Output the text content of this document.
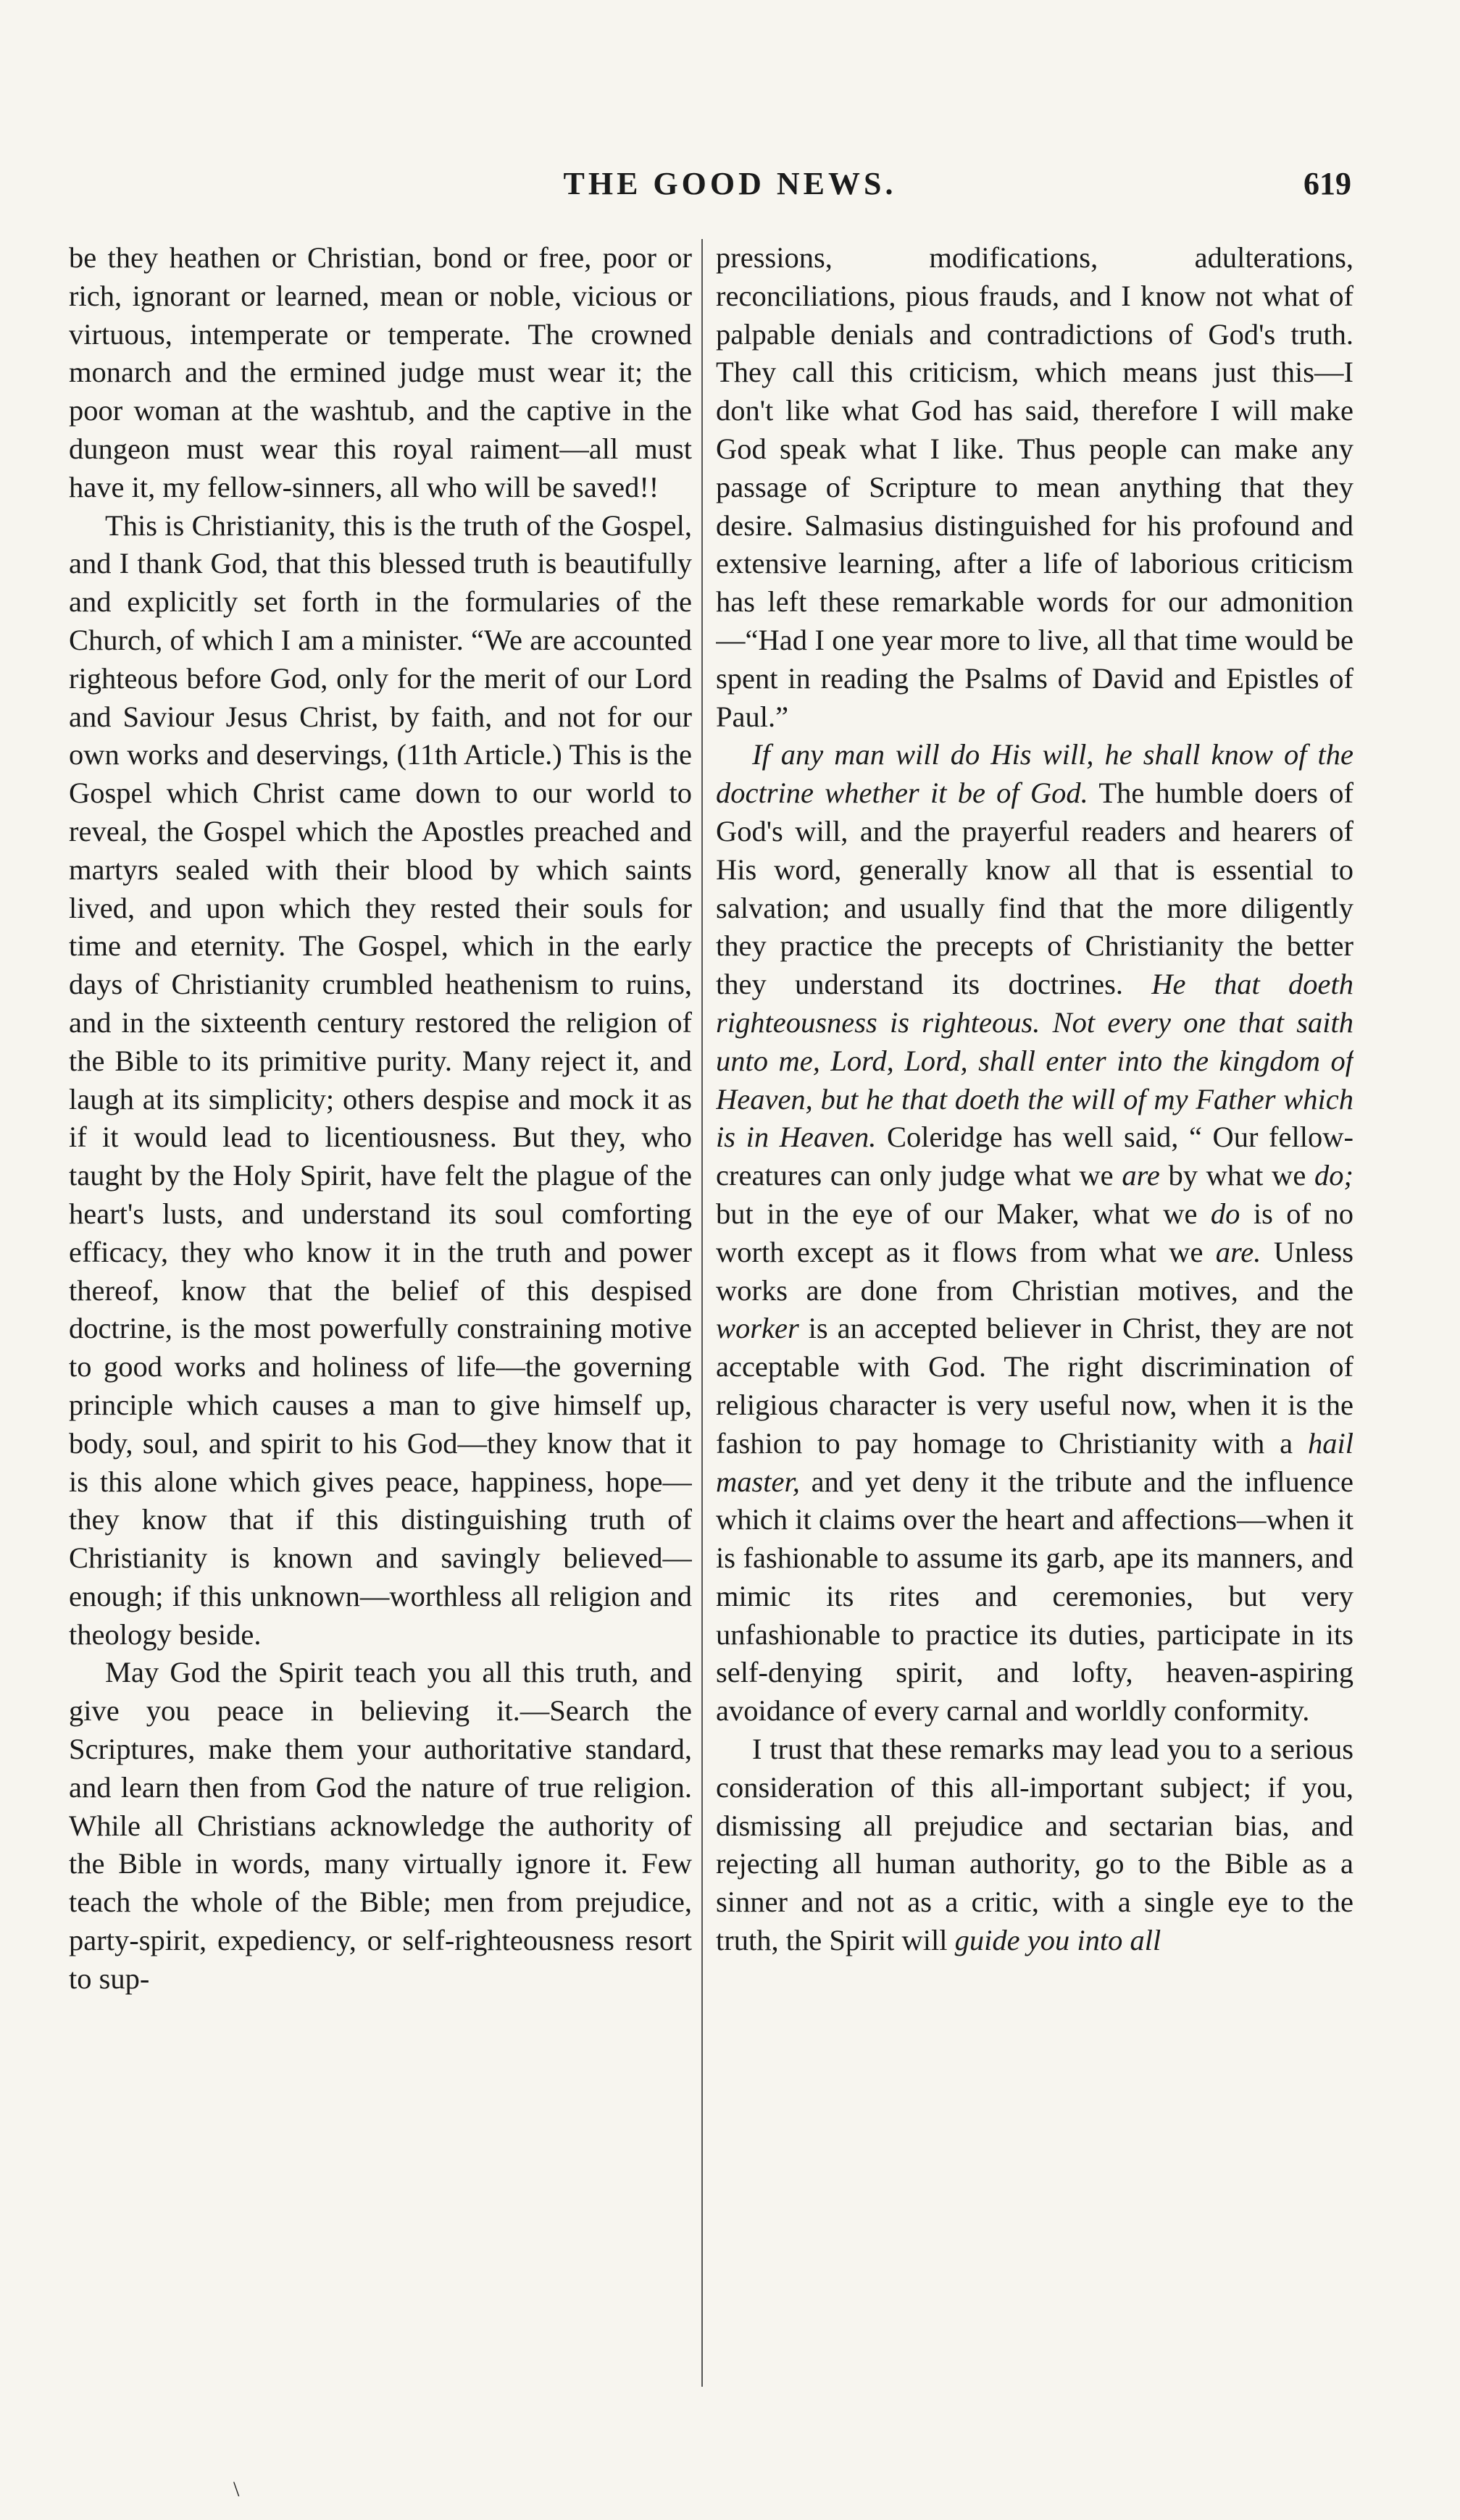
THE GOOD NEWS.	619

be they heathen or Christian, bond or free, poor or rich, ignorant or learned, mean or noble, vicious or virtuous, intemperate or temperate. The crowned monarch and the ermined judge must wear it; the poor woman at the washtub, and the captive in the dungeon must wear this royal raiment—all must have it, my fellow-sinners, all who will be saved!!

This is Christianity, this is the truth of the Gospel, and I thank God, that this blessed truth is beautifully and explicitly set forth in the formularies of the Church, of which I am a minister. “We are accounted righteous before God, only for the merit of our Lord and Saviour Jesus Christ, by faith, and not for our own works and deservings, (11th Article.) This is the Gospel which Christ came down to our world to reveal, the Gospel which the Apostles preached and martyrs sealed with their blood by which saints lived, and upon which they rested their souls for time and eternity. The Gospel, which in the early days of Christianity crumbled heathenism to ruins, and in the sixteenth century restored the religion of the Bible to its primitive purity. Many reject it, and laugh at its simplicity; others despise and mock it as if it would lead to licentiousness. But they, who taught by the Holy Spirit, have felt the plague of the heart's lusts, and understand its soul comforting efficacy, they who know it in the truth and power thereof, know that the belief of this despised doctrine, is the most powerfully constraining motive to good works and holiness of life—the governing principle which causes a man to give himself up, body, soul, and spirit to his God—they know that it is this alone which gives peace, happiness, hope—they know that if this distinguishing truth of Christianity is known and savingly believed—enough; if this unknown—worthless all religion and theology beside.

May God the Spirit teach you all this truth, and give you peace in believing it.—Search the Scriptures, make them your authoritative standard, and learn then from God the nature of true religion. While all Christians acknowledge the authority of the Bible in words, many virtually ignore it. Few teach the whole of the Bible; men from prejudice, party-spirit, expediency, or self-righteousness resort to sup-

pressions, modifications, adulterations, reconciliations, pious frauds, and I know not what of palpable denials and contradictions of God's truth. They call this criticism, which means just this—I don't like what God has said, therefore I will make God speak what I like. Thus people can make any passage of Scripture to mean anything that they desire. Salmasius distinguished for his profound and extensive learning, after a life of laborious criticism has left these remarkable words for our admonition —“Had I one year more to live, all that time would be spent in reading the Psalms of David and Epistles of Paul.”

If any man will do His will, he shall know of the doctrine whether it be of God. The humble doers of God's will, and the prayerful readers and hearers of His word, generally know all that is essential to salvation; and usually find that the more diligently they practice the precepts of Christianity the better they understand its doctrines. He that doeth righteousness is righteous. Not every one that saith unto me, Lord, Lord, shall enter into the kingdom of Heaven, but he that doeth the will of my Father which is in Heaven. Coleridge has well said, “ Our fellow-creatures can only judge what we are by what we do; but in the eye of our Maker, what we do is of no worth except as it flows from what we are. Unless works are done from Christian motives, and the worker is an accepted believer in Christ, they are not acceptable with God. The right discrimination of religious character is very useful now, when it is the fashion to pay homage to Christianity with a hail master, and yet deny it the tribute and the influence which it claims over the heart and affections—when it is fashionable to assume its garb, ape its manners, and mimic its rites and ceremonies, but very unfashionable to practice its duties, participate in its self-denying spirit, and lofty, heaven-aspiring avoidance of every carnal and worldly conformity.

I trust that these remarks may lead you to a serious consideration of this all-important subject; if you, dismissing all prejudice and sectarian bias, and rejecting all human authority, go to the Bible as a sinner and not as a critic, with a single eye to the truth, the Spirit will guide you into all

\
